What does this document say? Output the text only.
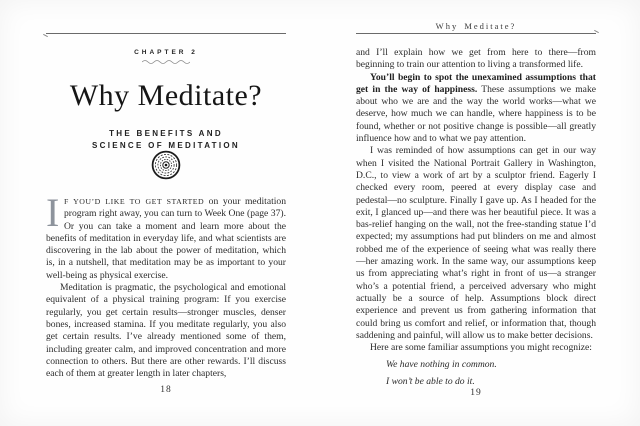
CHAPTER 2
Why Meditate?
THE BENEFITS AND
SCIENCE OF MEDITATION

I F YOU’D LIKE TO GET STARTED on your meditation program right away, you can turn to Week One (page 37). Or you can take a moment and learn more about the benefits of meditation in everyday life, and what scientists are discovering in the lab about the power of meditation, which is, in a nutshell, that meditation may be as important to your well-being as physical exercise.

Meditation is pragmatic, the psychological and emotional equivalent of a physical training program: If you exercise regularly, you get certain results—stronger muscles, denser bones, increased stamina. If you meditate regularly, you also get certain results. I’ve already mentioned some of them, including greater calm, and improved concentration and more connection to others. But there are other rewards. I’ll discuss each of them at greater length in later chapters,

18
Why Meditate?

and I’ll explain how we get from here to there—from beginning to train our attention to living a transformed life.

You’ll begin to spot the unexamined assumptions that get in the way of happiness. These assumptions we make about who we are and the way the world works—what we deserve, how much we can handle, where happiness is to be found, whether or not positive change is possible—all greatly influence how and to what we pay attention.

I was reminded of how assumptions can get in our way when I visited the National Portrait Gallery in Washington, D.C., to view a work of art by a sculptor friend. Eagerly I checked every room, peered at every display case and pedestal—no sculpture. Finally I gave up. As I headed for the exit, I glanced up—and there was her beautiful piece. It was a bas-relief hanging on the wall, not the free-standing statue I’d expected; my assumptions had put blinders on me and almost robbed me of the experience of seeing what was really there—her amazing work. In the same way, our assumptions keep us from appreciating what’s right in front of us—a stranger who’s a potential friend, a perceived adversary who might actually be a source of help. Assumptions block direct experience and prevent us from gathering information that could bring us comfort and relief, or information that, though saddening and painful, will allow us to make better decisions.

Here are some familiar assumptions you might recognize:

We have nothing in common.

I won’t be able to do it.

19
